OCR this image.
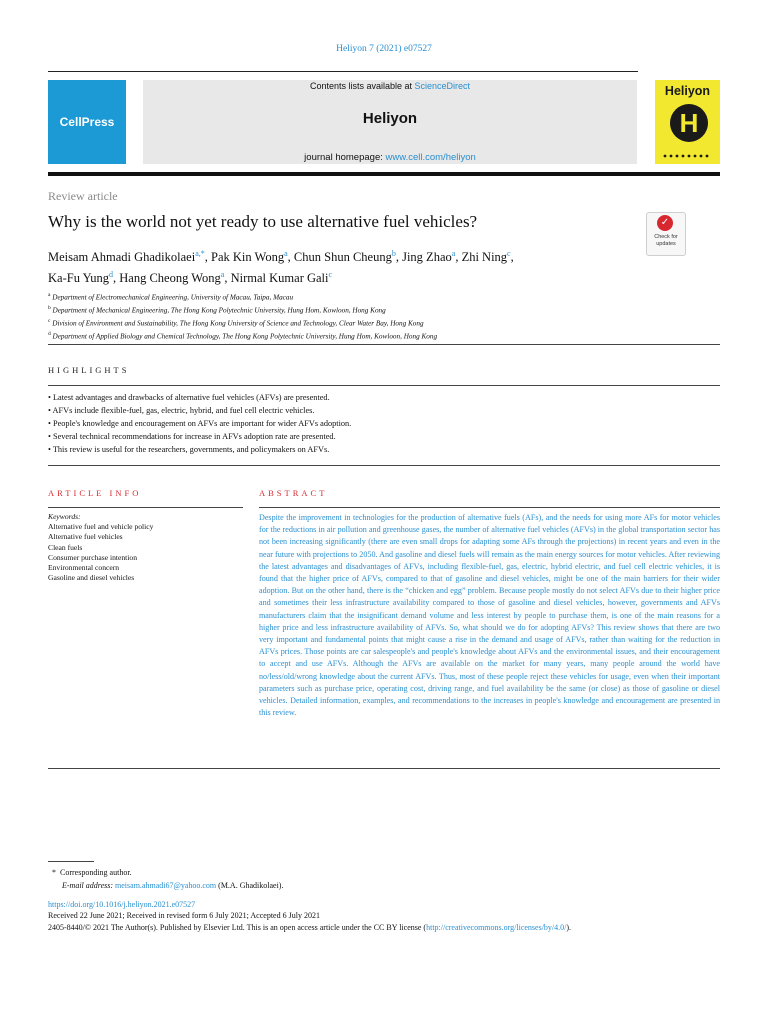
Heliyon 7 (2021) e07527
CellPress
Contents lists available at ScienceDirect
Heliyon
journal homepage: www.cell.com/heliyon
Heliyon
H
Review article
Why is the world not yet ready to use alternative fuel vehicles?	✓
Check for updates
Meisam Ahmadi Ghadikolaei$^{a,*}$, Pak Kin Wong$^a$, Chun Shun Cheung$^b$, Jing Zhao$^a$, Zhi Ning$^c$,
Ka-Fu Yung$^d$, Hang Cheong Wong$^a$, Nirmal Kumar Gali$^c$
$^a$ Department of Electromechanical Engineering, University of Macau, Taipa, Macau
$^b$ Department of Mechanical Engineering, The Hong Kong Polytechnic University, Hung Hom, Kowloon, Hong Kong
$^c$ Division of Environment and Sustainability, The Hong Kong University of Science and Technology, Clear Water Bay, Hong Kong
$^d$ Department of Applied Biology and Chemical Technology, The Hong Kong Polytechnic University, Hung Hom, Kowloon, Hong Kong
HIGHLIGHTS
• Latest advantages and drawbacks of alternative fuel vehicles (AFVs) are presented.
• AFVs include flexible-fuel, gas, electric, hybrid, and fuel cell electric vehicles.
• People's knowledge and encouragement on AFVs are important for wider AFVs adoption.
• Several technical recommendations for increase in AFVs adoption rate are presented.
• This review is useful for the researchers, governments, and policymakers on AFVs.
ARTICLE INFO	ABSTRACT
Keywords:
Alternative fuel and vehicle policy
Alternative fuel vehicles
Clean fuels
Consumer purchase intention
Environmental concern
Gasoline and diesel vehicles
Despite the improvement in technologies for the production of alternative fuels (AFs), and the needs for using more AFs for motor vehicles for the reductions in air pollution and greenhouse gases, the number of alternative fuel vehicles (AFVs) in the global transportation sector has not been increasing significantly (there are even small drops for adapting some AFs through the projections) in recent years and even in the near future with projections to 2050. And gasoline and diesel fuels will remain as the main energy sources for motor vehicles. After reviewing the latest advantages and disadvantages of AFVs, including flexible-fuel, gas, electric, hybrid electric, and fuel cell electric vehicles, it is found that the higher price of AFVs, compared to that of gasoline and diesel vehicles, might be one of the main barriers for their wider adoption. But on the other hand, there is the “chicken and egg” problem. Because people mostly do not select AFVs due to their higher price and sometimes their less infrastructure availability compared to those of gasoline and diesel vehicles, however, governments and AFVs manufacturers claim that the insignificant demand volume and less interest by people to purchase them, is one of the main reasons for a higher price and less infrastructure availability of AFVs. So, what should we do for adopting AFVs? This review shows that there are two very important and fundamental points that might cause a rise in the demand and usage of AFVs, rather than waiting for the reduction in AFVs prices. Those points are car salespeople's and people's knowledge about AFVs and the environmental issues, and their encouragement to accept and use AFVs. Although the AFVs are available on the market for many years, many people around the world have no/less/old/wrong knowledge about the current AFVs. Thus, most of these people reject these vehicles for usage, even when their important parameters such as purchase price, operating cost, driving range, and fuel availability be the same (or close) as those of gasoline or diesel vehicles. Detailed information, examples, and recommendations to the increases in people's knowledge and encouragement are presented in this review.
* Corresponding author.
E-mail address: meisam.ahmadi67@yahoo.com (M.A. Ghadikolaei).
https://doi.org/10.1016/j.heliyon.2021.e07527
Received 22 June 2021; Received in revised form 6 July 2021; Accepted 6 July 2021
2405-8440/© 2021 The Author(s). Published by Elsevier Ltd. This is an open access article under the CC BY license (http://creativecommons.org/licenses/by/4.0/).
